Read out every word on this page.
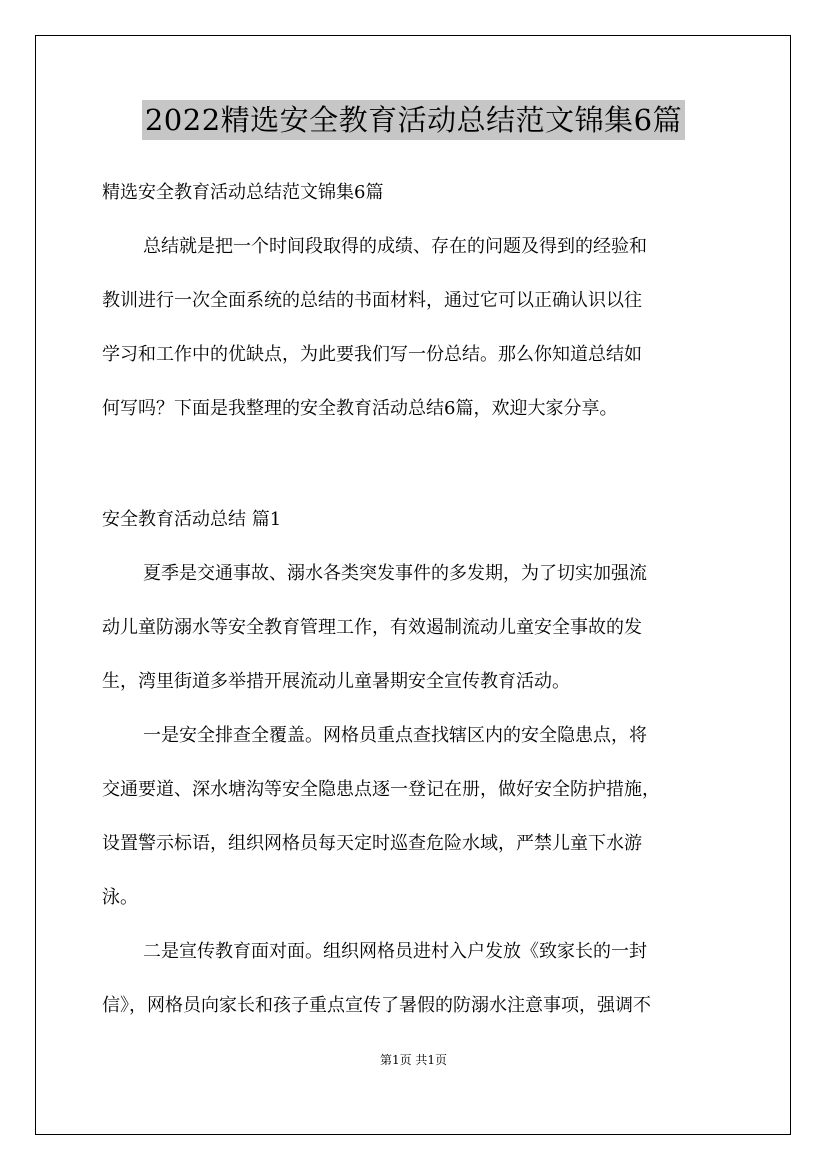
2022精选安全教育活动总结范文锦集6篇
精选安全教育活动总结范文锦集6篇
总结就是把一个时间段取得的成绩、存在的问题及得到的经验和
教训进行一次全面系统的总结的书面材料，通过它可以正确认识以往
学习和工作中的优缺点，为此要我们写一份总结。那么你知道总结如
何写吗？下面是我整理的安全教育活动总结6篇，欢迎大家分享。
安全教育活动总结 篇1
夏季是交通事故、溺水各类突发事件的多发期，为了切实加强流
动儿童防溺水等安全教育管理工作，有效遏制流动儿童安全事故的发
生，湾里街道多举措开展流动儿童暑期安全宣传教育活动。
一是安全排查全覆盖。网格员重点查找辖区内的安全隐患点，将
交通要道、深水塘沟等安全隐患点逐一登记在册，做好安全防护措施，
设置警示标语，组织网格员每天定时巡查危险水域，严禁儿童下水游
泳。
二是宣传教育面对面。组织网格员进村入户发放《致家长的一封
信》，网格员向家长和孩子重点宣传了暑假的防溺水注意事项，强调不
第1页 共1页
